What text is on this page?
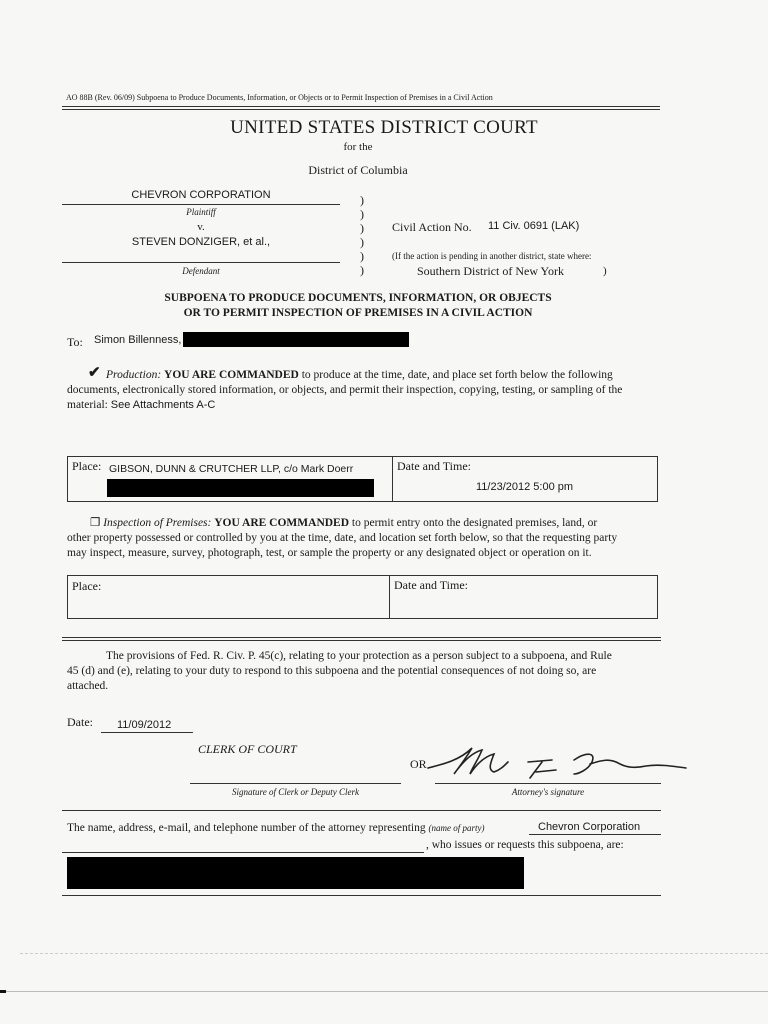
AO 88B (Rev. 06/09) Subpoena to Produce Documents, Information, or Objects or to Permit Inspection of Premises in a Civil Action
UNITED STATES DISTRICT COURT
for the
District of Columbia
CHEVRON CORPORATION
Plaintiff
v.
STEVEN DONZIGER, et al.,
Defendant
)
)
)
)
)
)
Civil Action No. 11 Civ. 0691 (LAK)
(If the action is pending in another district, state where:
Southern District of New York	)
SUBPOENA TO PRODUCE DOCUMENTS, INFORMATION, OR OBJECTS
OR TO PERMIT INSPECTION OF PREMISES IN A CIVIL ACTION
To: Simon Billenness,
✔ Production: YOU ARE COMMANDED to produce at the time, date, and place set forth below the following
documents, electronically stored information, or objects, and permit their inspection, copying, testing, or sampling of the
material: See Attachments A-C
Place: GIBSON, DUNN & CRUTCHER LLP, c/o Mark Doerr	Date and Time:
11/23/2012 5:00 pm
❐ Inspection of Premises: YOU ARE COMMANDED to permit entry onto the designated premises, land, or
other property possessed or controlled by you at the time, date, and location set forth below, so that the requesting party
may inspect, measure, survey, photograph, test, or sample the property or any designated object or operation on it.
Place:	Date and Time:
The provisions of Fed. R. Civ. P. 45(c), relating to your protection as a person subject to a subpoena, and Rule
45 (d) and (e), relating to your duty to respond to this subpoena and the potential consequences of not doing so, are
attached.
Date: 11/09/2012
CLERK OF COURT
Signature of Clerk or Deputy Clerk
OR
Attorney's signature
The name, address, e-mail, and telephone number of the attorney representing (name of party)	Chevron Corporation
, who issues or requests this subpoena, are:
